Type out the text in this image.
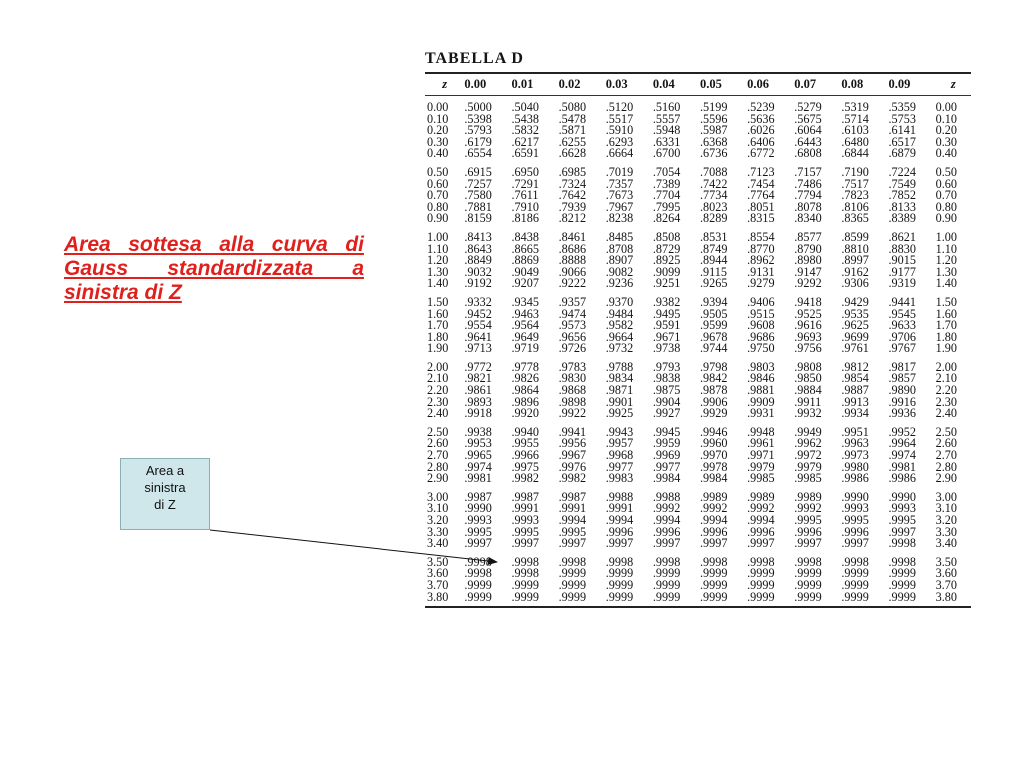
Area sottesa alla curva di Gauss standardizzata a sinistra di Z
Area a
sinistra
di Z
TABELLA D
z	0.00	0.01	0.02	0.03	0.04	0.05	0.06	0.07	0.08	0.09	z
0.00	.5000	.5040	.5080	.5120	.5160	.5199	.5239	.5279	.5319	.5359	0.00
0.10	.5398	.5438	.5478	.5517	.5557	.5596	.5636	.5675	.5714	.5753	0.10
0.20	.5793	.5832	.5871	.5910	.5948	.5987	.6026	.6064	.6103	.6141	0.20
0.30	.6179	.6217	.6255	.6293	.6331	.6368	.6406	.6443	.6480	.6517	0.30
0.40	.6554	.6591	.6628	.6664	.6700	.6736	.6772	.6808	.6844	.6879	0.40
0.50	.6915	.6950	.6985	.7019	.7054	.7088	.7123	.7157	.7190	.7224	0.50
0.60	.7257	.7291	.7324	.7357	.7389	.7422	.7454	.7486	.7517	.7549	0.60
0.70	.7580	.7611	.7642	.7673	.7704	.7734	.7764	.7794	.7823	.7852	0.70
0.80	.7881	.7910	.7939	.7967	.7995	.8023	.8051	.8078	.8106	.8133	0.80
0.90	.8159	.8186	.8212	.8238	.8264	.8289	.8315	.8340	.8365	.8389	0.90
1.00	.8413	.8438	.8461	.8485	.8508	.8531	.8554	.8577	.8599	.8621	1.00
1.10	.8643	.8665	.8686	.8708	.8729	.8749	.8770	.8790	.8810	.8830	1.10
1.20	.8849	.8869	.8888	.8907	.8925	.8944	.8962	.8980	.8997	.9015	1.20
1.30	.9032	.9049	.9066	.9082	.9099	.9115	.9131	.9147	.9162	.9177	1.30
1.40	.9192	.9207	.9222	.9236	.9251	.9265	.9279	.9292	.9306	.9319	1.40
1.50	.9332	.9345	.9357	.9370	.9382	.9394	.9406	.9418	.9429	.9441	1.50
1.60	.9452	.9463	.9474	.9484	.9495	.9505	.9515	.9525	.9535	.9545	1.60
1.70	.9554	.9564	.9573	.9582	.9591	.9599	.9608	.9616	.9625	.9633	1.70
1.80	.9641	.9649	.9656	.9664	.9671	.9678	.9686	.9693	.9699	.9706	1.80
1.90	.9713	.9719	.9726	.9732	.9738	.9744	.9750	.9756	.9761	.9767	1.90
2.00	.9772	.9778	.9783	.9788	.9793	.9798	.9803	.9808	.9812	.9817	2.00
2.10	.9821	.9826	.9830	.9834	.9838	.9842	.9846	.9850	.9854	.9857	2.10
2.20	.9861	.9864	.9868	.9871	.9875	.9878	.9881	.9884	.9887	.9890	2.20
2.30	.9893	.9896	.9898	.9901	.9904	.9906	.9909	.9911	.9913	.9916	2.30
2.40	.9918	.9920	.9922	.9925	.9927	.9929	.9931	.9932	.9934	.9936	2.40
2.50	.9938	.9940	.9941	.9943	.9945	.9946	.9948	.9949	.9951	.9952	2.50
2.60	.9953	.9955	.9956	.9957	.9959	.9960	.9961	.9962	.9963	.9964	2.60
2.70	.9965	.9966	.9967	.9968	.9969	.9970	.9971	.9972	.9973	.9974	2.70
2.80	.9974	.9975	.9976	.9977	.9977	.9978	.9979	.9979	.9980	.9981	2.80
2.90	.9981	.9982	.9982	.9983	.9984	.9984	.9985	.9985	.9986	.9986	2.90
3.00	.9987	.9987	.9987	.9988	.9988	.9989	.9989	.9989	.9990	.9990	3.00
3.10	.9990	.9991	.9991	.9991	.9992	.9992	.9992	.9992	.9993	.9993	3.10
3.20	.9993	.9993	.9994	.9994	.9994	.9994	.9994	.9995	.9995	.9995	3.20
3.30	.9995	.9995	.9995	.9996	.9996	.9996	.9996	.9996	.9996	.9997	3.30
3.40	.9997	.9997	.9997	.9997	.9997	.9997	.9997	.9997	.9997	.9998	3.40
3.50	.9998	.9998	.9998	.9998	.9998	.9998	.9998	.9998	.9998	.9998	3.50
3.60	.9998	.9998	.9999	.9999	.9999	.9999	.9999	.9999	.9999	.9999	3.60
3.70	.9999	.9999	.9999	.9999	.9999	.9999	.9999	.9999	.9999	.9999	3.70
3.80	.9999	.9999	.9999	.9999	.9999	.9999	.9999	.9999	.9999	.9999	3.80
